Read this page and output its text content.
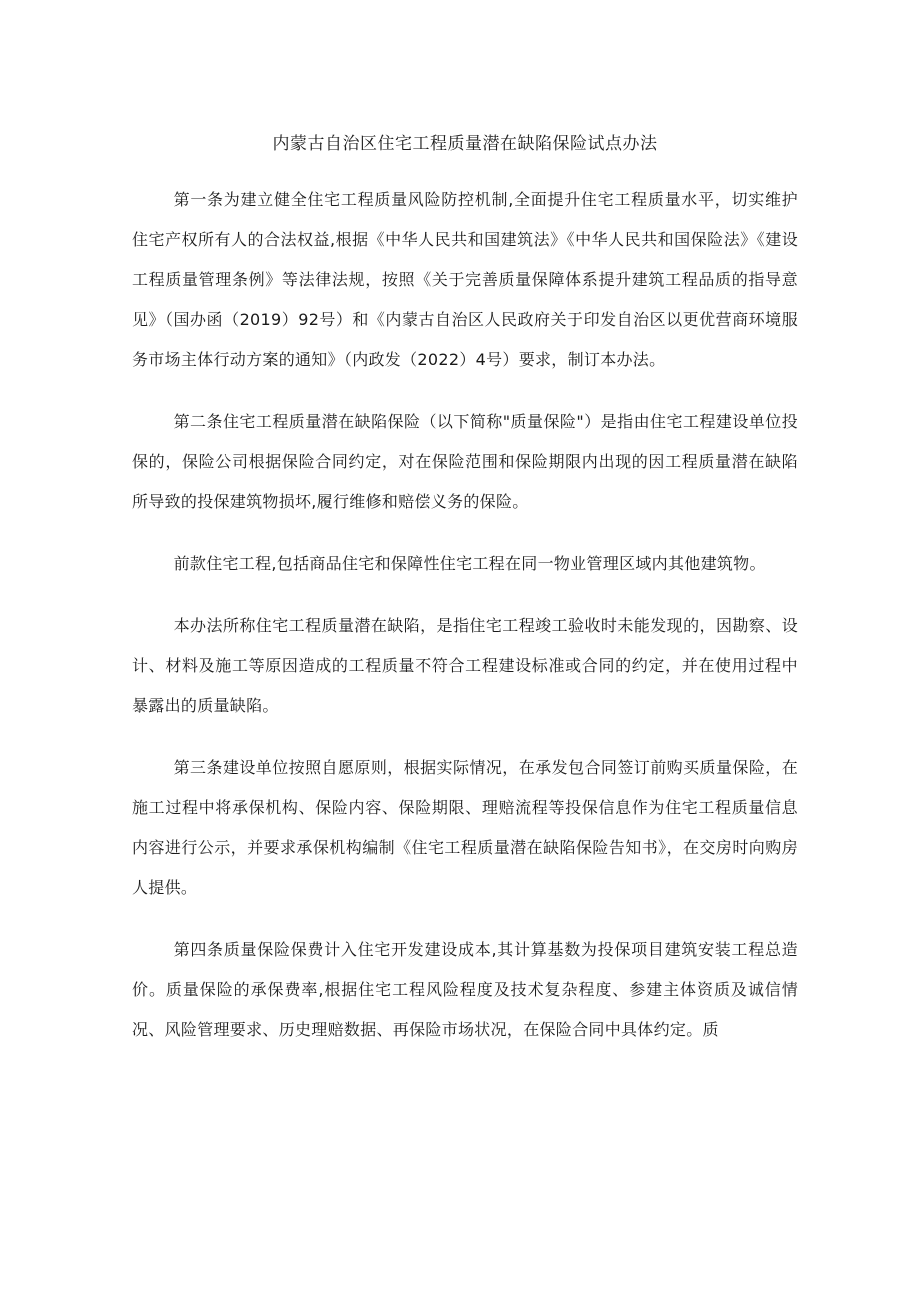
内蒙古自治区住宅工程质量潜在缺陷保险试点办法

第一条为建立健全住宅工程质量风险防控机制,全面提升住宅工程质量水平，切实维护住宅产权所有人的合法权益,根据《中华人民共和国建筑法》《中华人民共和国保险法》《建设工程质量管理条例》等法律法规，按照《关于完善质量保障体系提升建筑工程品质的指导意见》（国办函（2019）92号）和《内蒙古自治区人民政府关于印发自治区以更优营商环境服务市场主体行动方案的通知》（内政发（2022）4号）要求，制订本办法。

第二条住宅工程质量潜在缺陷保险（以下简称"质量保险"）是指由住宅工程建设单位投保的，保险公司根据保险合同约定，对在保险范围和保险期限内出现的因工程质量潜在缺陷所导致的投保建筑物损坏,履行维修和赔偿义务的保险。

前款住宅工程,包括商品住宅和保障性住宅工程在同一物业管理区域内其他建筑物。

本办法所称住宅工程质量潜在缺陷，是指住宅工程竣工验收时未能发现的，因勘察、设计、材料及施工等原因造成的工程质量不符合工程建设标准或合同的约定，并在使用过程中暴露出的质量缺陷。

第三条建设单位按照自愿原则，根据实际情况，在承发包合同签订前购买质量保险，在施工过程中将承保机构、保险内容、保险期限、理赔流程等投保信息作为住宅工程质量信息内容进行公示，并要求承保机构编制《住宅工程质量潜在缺陷保险告知书》，在交房时向购房人提供。

第四条质量保险保费计入住宅开发建设成本,其计算基数为投保项目建筑安装工程总造价。质量保险的承保费率,根据住宅工程风险程度及技术复杂程度、参建主体资质及诚信情况、风险管理要求、历史理赔数据、再保险市场状况，在保险合同中具体约定。质
